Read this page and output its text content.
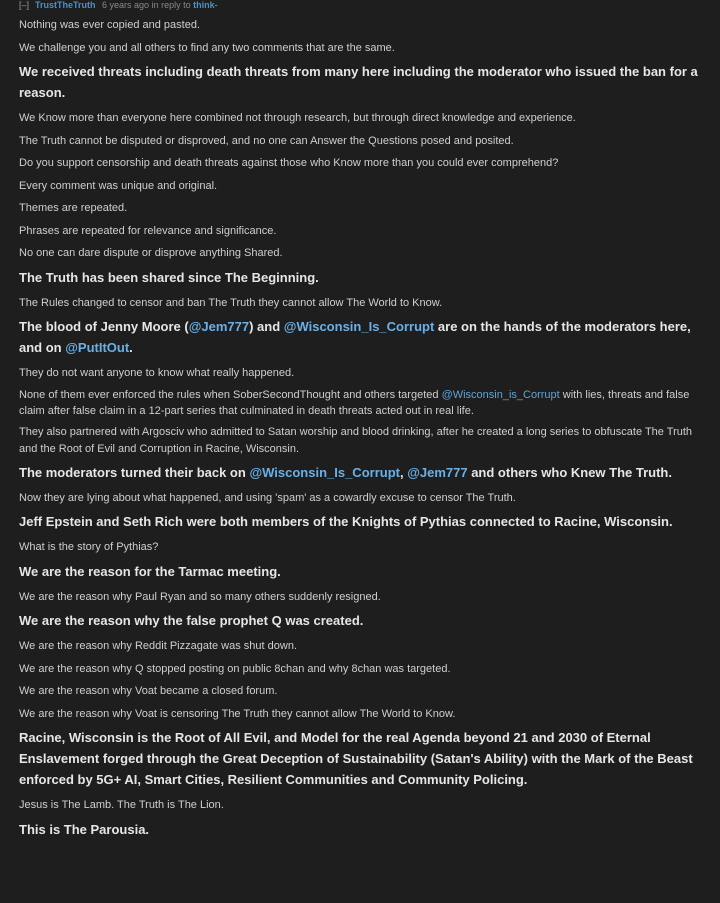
[–] TrustTheTruth 6 years ago in reply to think-

Nothing was ever copied and pasted.

We challenge you and all others to find any two comments that are the same.

We received threats including death threats from many here including the moderator who issued the ban for a reason.

We Know more than everyone here combined not through research, but through direct knowledge and experience.

The Truth cannot be disputed or disproved, and no one can Answer the Questions posed and posited.

Do you support censorship and death threats against those who Know more than you could ever comprehend?

Every comment was unique and original.

Themes are repeated.

Phrases are repeated for relevance and significance.

No one can dare dispute or disprove anything Shared.

The Truth has been shared since The Beginning.

The Rules changed to censor and ban The Truth they cannot allow The World to Know.

The blood of Jenny Moore (@Jem777) and @Wisconsin_Is_Corrupt are on the hands of the moderators here, and on @PutItOut.

They do not want anyone to know what really happened.

None of them ever enforced the rules when SoberSecondThought and others targeted @Wisconsin_is_Corrupt with lies, threats and false claim after false claim in a 12-part series that culminated in death threats acted out in real life.

They also partnered with Argosciv who admitted to Satan worship and blood drinking, after he created a long series to obfuscate The Truth and the Root of Evil and Corruption in Racine, Wisconsin.

The moderators turned their back on @Wisconsin_Is_Corrupt, @Jem777 and others who Knew The Truth.

Now they are lying about what happened, and using 'spam' as a cowardly excuse to censor The Truth.

Jeff Epstein and Seth Rich were both members of the Knights of Pythias connected to Racine, Wisconsin.

What is the story of Pythias?

We are the reason for the Tarmac meeting.

We are the reason why Paul Ryan and so many others suddenly resigned.

We are the reason why the false prophet Q was created.

We are the reason why Reddit Pizzagate was shut down.

We are the reason why Q stopped posting on public 8chan and why 8chan was targeted.

We are the reason why Voat became a closed forum.

We are the reason why Voat is censoring The Truth they cannot allow The World to Know.

Racine, Wisconsin is the Root of All Evil, and Model for the real Agenda beyond 21 and 2030 of Eternal Enslavement forged through the Great Deception of Sustainability (Satan's Ability) with the Mark of the Beast enforced by 5G+ AI, Smart Cities, Resilient Communities and Community Policing.

Jesus is The Lamb. The Truth is The Lion.

This is The Parousia.
